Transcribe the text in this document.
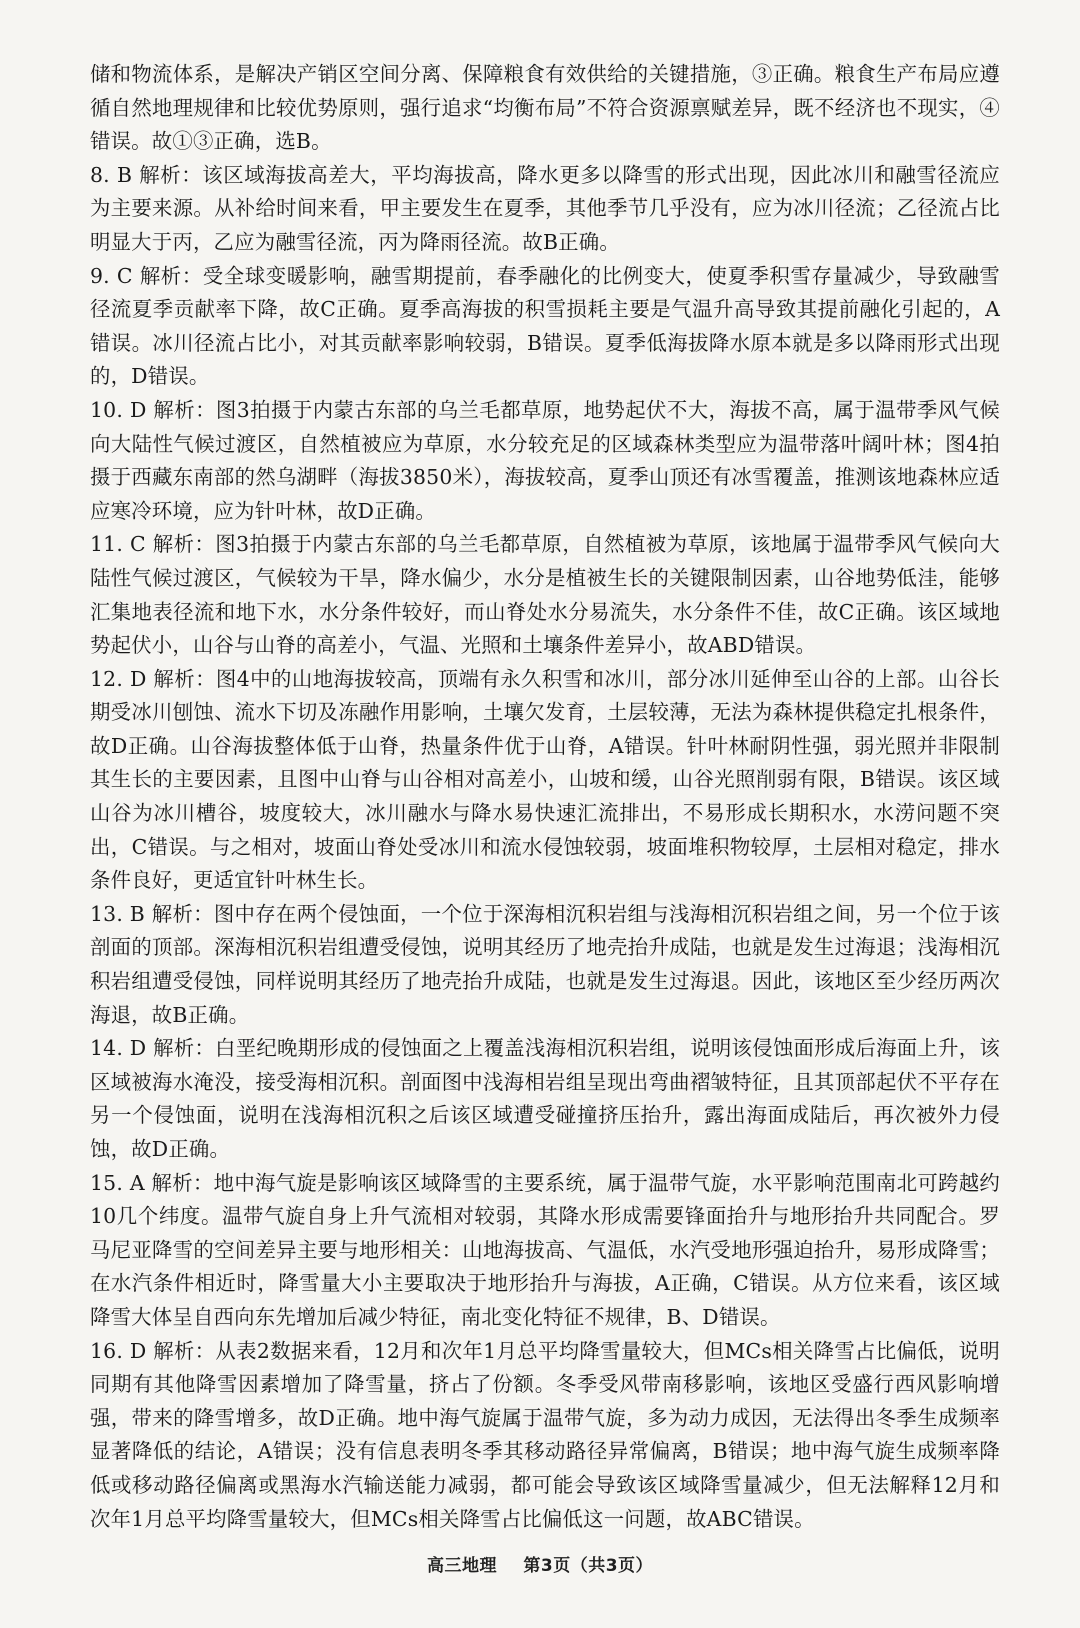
储和物流体系，是解决产销区空间分离、保障粮食有效供给的关键措施，③正确。粮食生产布局应遵循自然地理规律和比较优势原则，强行追求“均衡布局”不符合资源禀赋差异，既不经济也不现实，④错误。故①③正确，选B。

8. B 解析：该区域海拔高差大，平均海拔高，降水更多以降雪的形式出现，因此冰川和融雪径流应为主要来源。从补给时间来看，甲主要发生在夏季，其他季节几乎没有，应为冰川径流；乙径流占比明显大于丙，乙应为融雪径流，丙为降雨径流。故B正确。

9. C 解析：受全球变暖影响，融雪期提前，春季融化的比例变大，使夏季积雪存量减少，导致融雪径流夏季贡献率下降，故C正确。夏季高海拔的积雪损耗主要是气温升高导致其提前融化引起的，A错误。冰川径流占比小，对其贡献率影响较弱，B错误。夏季低海拔降水原本就是多以降雨形式出现的，D错误。

10. D 解析：图3拍摄于内蒙古东部的乌兰毛都草原，地势起伏不大，海拔不高，属于温带季风气候向大陆性气候过渡区，自然植被应为草原，水分较充足的区域森林类型应为温带落叶阔叶林；图4拍摄于西藏东南部的然乌湖畔（海拔3850米），海拔较高，夏季山顶还有冰雪覆盖，推测该地森林应适应寒冷环境，应为针叶林，故D正确。

11. C 解析：图3拍摄于内蒙古东部的乌兰毛都草原，自然植被为草原，该地属于温带季风气候向大陆性气候过渡区，气候较为干旱，降水偏少，水分是植被生长的关键限制因素，山谷地势低洼，能够汇集地表径流和地下水，水分条件较好，而山脊处水分易流失，水分条件不佳，故C正确。该区域地势起伏小，山谷与山脊的高差小，气温、光照和土壤条件差异小，故ABD错误。

12. D 解析：图4中的山地海拔较高，顶端有永久积雪和冰川，部分冰川延伸至山谷的上部。山谷长期受冰川刨蚀、流水下切及冻融作用影响，土壤欠发育，土层较薄，无法为森林提供稳定扎根条件，故D正确。山谷海拔整体低于山脊，热量条件优于山脊，A错误。针叶林耐阴性强，弱光照并非限制其生长的主要因素，且图中山脊与山谷相对高差小，山坡和缓，山谷光照削弱有限，B错误。该区域山谷为冰川槽谷，坡度较大，冰川融水与降水易快速汇流排出，不易形成长期积水，水涝问题不突出，C错误。与之相对，坡面山脊处受冰川和流水侵蚀较弱，坡面堆积物较厚，土层相对稳定，排水条件良好，更适宜针叶林生长。

13. B 解析：图中存在两个侵蚀面，一个位于深海相沉积岩组与浅海相沉积岩组之间，另一个位于该剖面的顶部。深海相沉积岩组遭受侵蚀，说明其经历了地壳抬升成陆，也就是发生过海退；浅海相沉积岩组遭受侵蚀，同样说明其经历了地壳抬升成陆，也就是发生过海退。因此，该地区至少经历两次海退，故B正确。

14. D 解析：白垩纪晚期形成的侵蚀面之上覆盖浅海相沉积岩组，说明该侵蚀面形成后海面上升，该区域被海水淹没，接受海相沉积。剖面图中浅海相岩组呈现出弯曲褶皱特征，且其顶部起伏不平存在另一个侵蚀面，说明在浅海相沉积之后该区域遭受碰撞挤压抬升，露出海面成陆后，再次被外力侵蚀，故D正确。

15. A 解析：地中海气旋是影响该区域降雪的主要系统，属于温带气旋，水平影响范围南北可跨越约10几个纬度。温带气旋自身上升气流相对较弱，其降水形成需要锋面抬升与地形抬升共同配合。罗马尼亚降雪的空间差异主要与地形相关：山地海拔高、气温低，水汽受地形强迫抬升，易形成降雪；在水汽条件相近时，降雪量大小主要取决于地形抬升与海拔，A正确，C错误。从方位来看，该区域降雪大体呈自西向东先增加后减少特征，南北变化特征不规律，B、D错误。

16. D 解析：从表2数据来看，12月和次年1月总平均降雪量较大，但MCs相关降雪占比偏低，说明同期有其他降雪因素增加了降雪量，挤占了份额。冬季受风带南移影响，该地区受盛行西风影响增强，带来的降雪增多，故D正确。地中海气旋属于温带气旋，多为动力成因，无法得出冬季生成频率显著降低的结论，A错误；没有信息表明冬季其移动路径异常偏离，B错误；地中海气旋生成频率降低或移动路径偏离或黑海水汽输送能力减弱，都可能会导致该区域降雪量减少，但无法解释12月和次年1月总平均降雪量较大，但MCs相关降雪占比偏低这一问题，故ABC错误。

高三地理 第3页（共3页）
